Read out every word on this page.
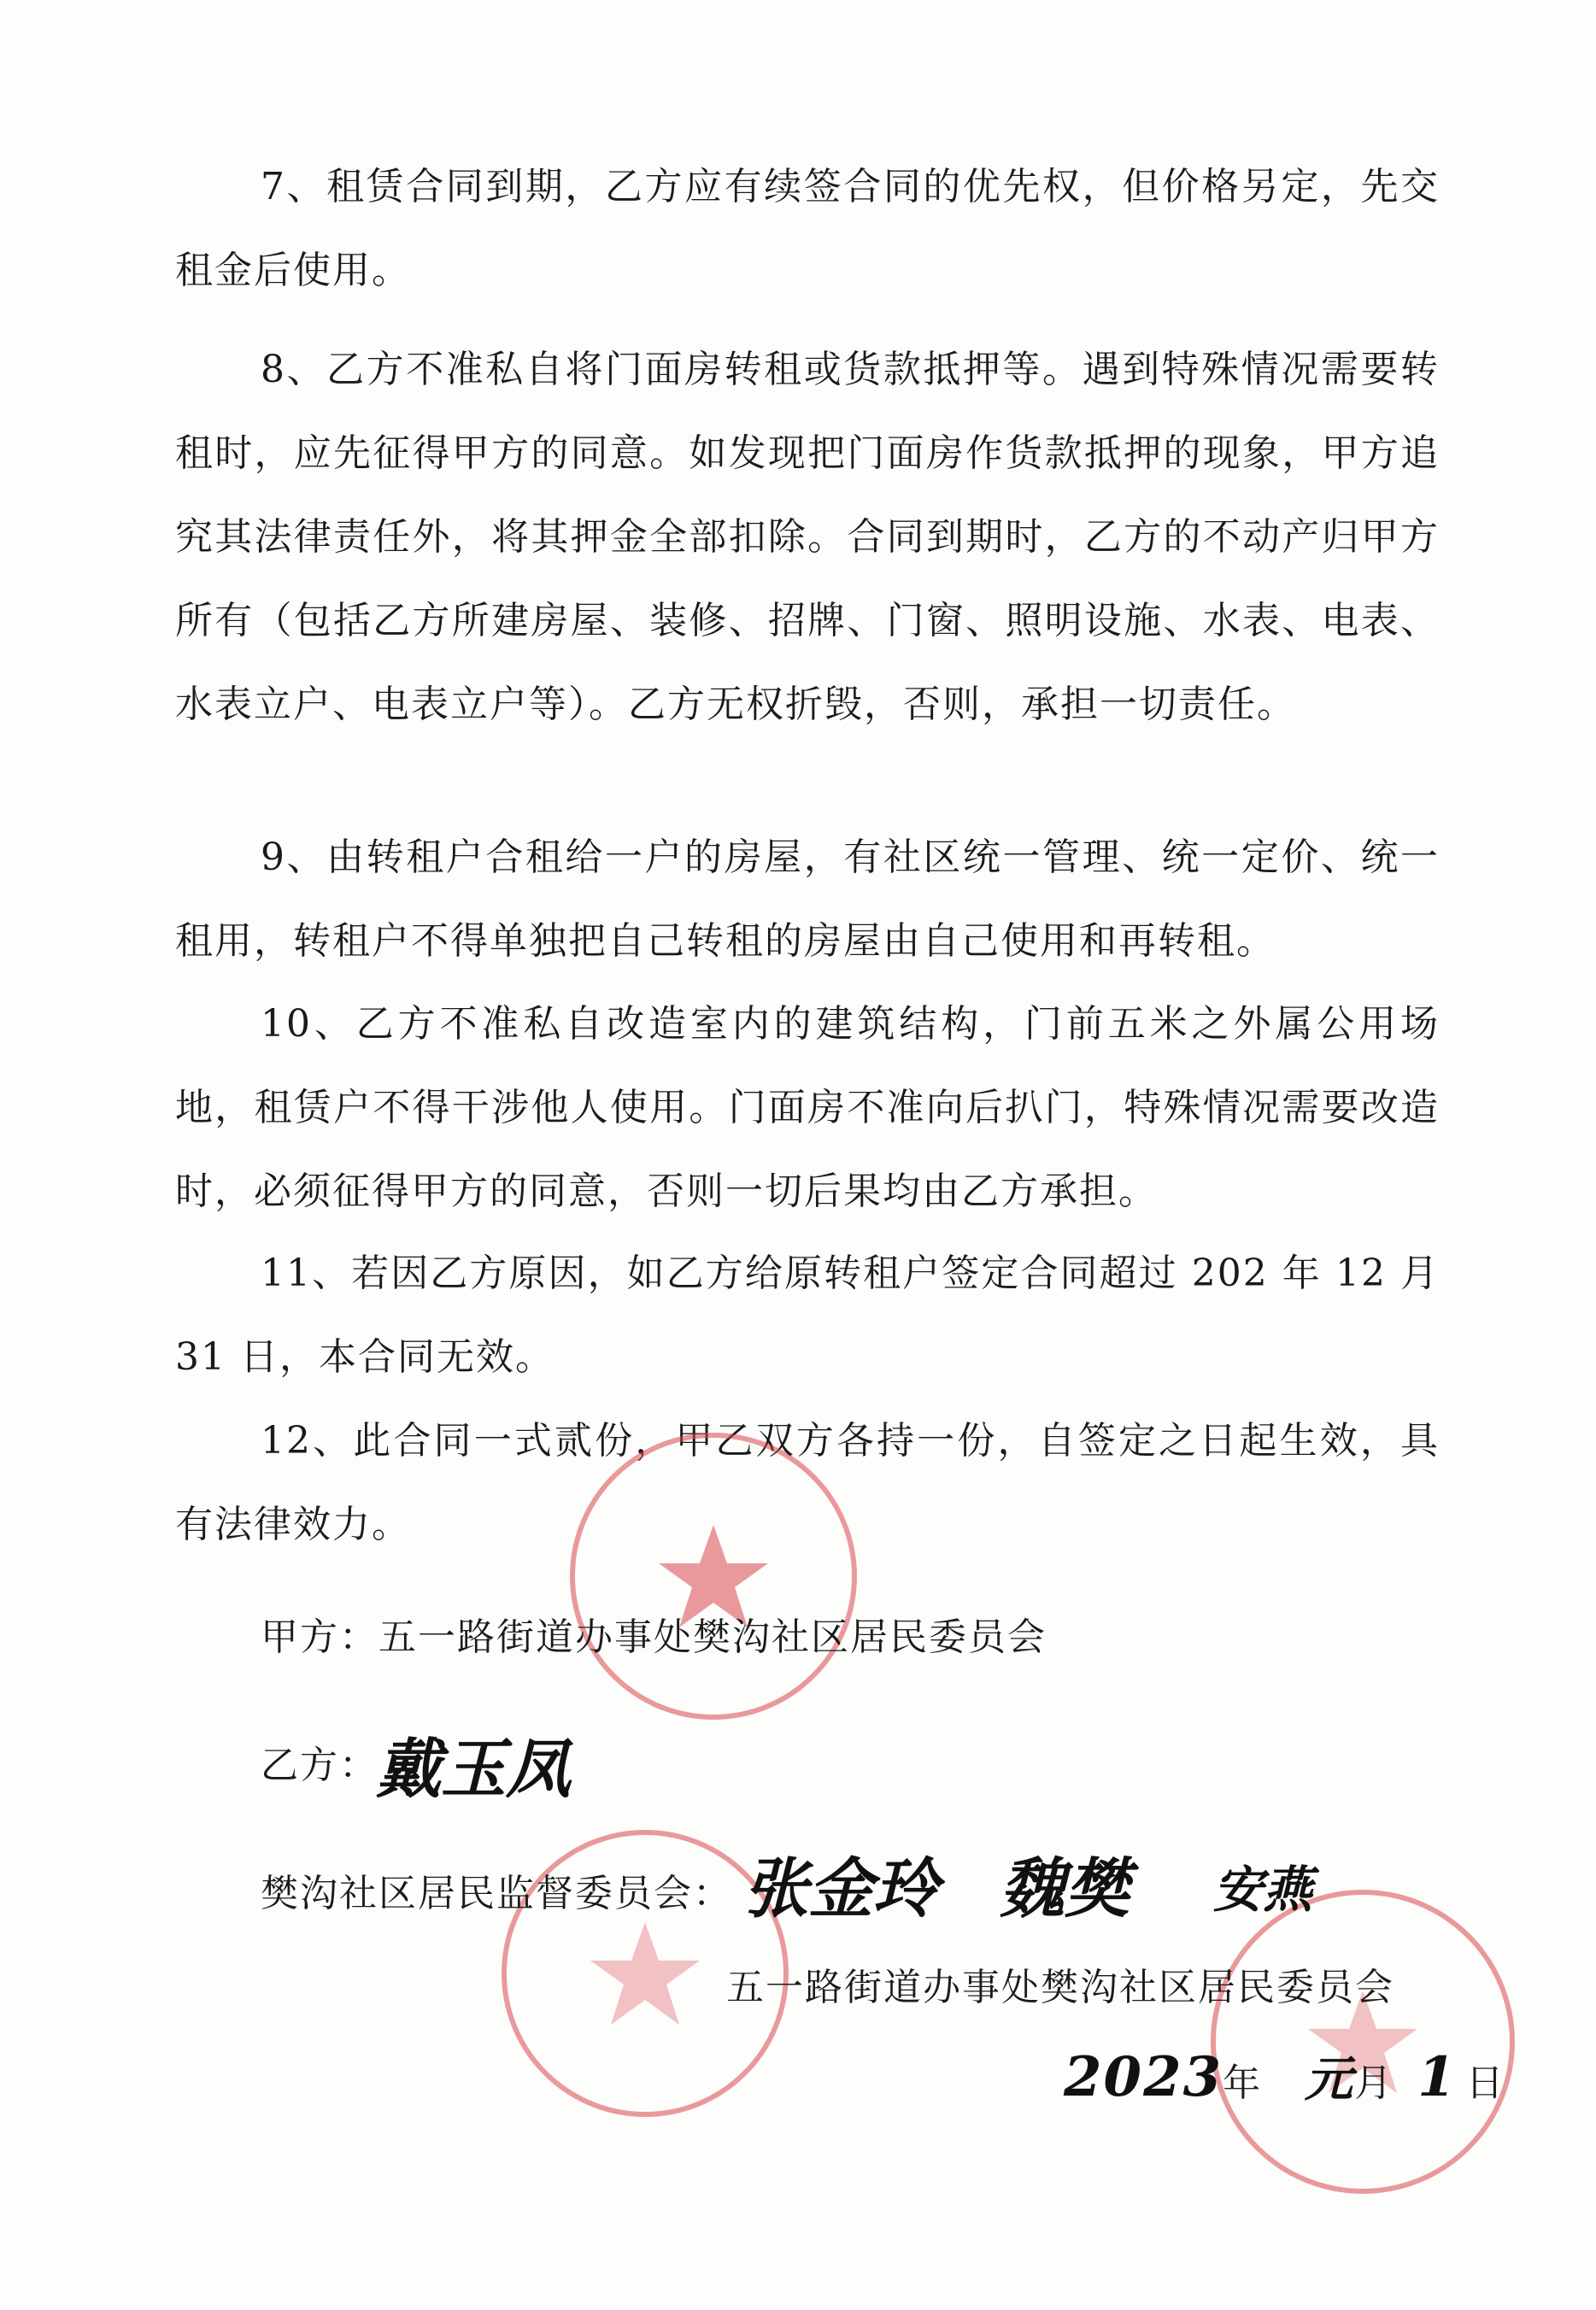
7、租赁合同到期，乙方应有续签合同的优先权，但价格另定，先交租金后使用。

8、乙方不准私自将门面房转租或货款抵押等。遇到特殊情况需要转租时，应先征得甲方的同意。如发现把门面房作货款抵押的现象，甲方追究其法律责任外，将其押金全部扣除。合同到期时，乙方的不动产归甲方所有（包括乙方所建房屋、装修、招牌、门窗、照明设施、水表、电表、水表立户、电表立户等）。乙方无权折毁，否则，承担一切责任。

9、由转租户合租给一户的房屋，有社区统一管理、统一定价、统一租用，转租户不得单独把自己转租的房屋由自己使用和再转租。

10、乙方不准私自改造室内的建筑结构，门前五米之外属公用场地，租赁户不得干涉他人使用。门面房不准向后扒门，特殊情况需要改造时，必须征得甲方的同意，否则一切后果均由乙方承担。

11、若因乙方原因，如乙方给原转租户签定合同超过 202 年 12 月 31 日，本合同无效。

12、此合同一式贰份，甲乙双方各持一份，自签定之日起生效，具有法律效力。

甲方：五一路街道办事处樊沟社区居民委员会
乙方：
戴玉凤
樊沟社区居民监督委员会： 张金玲 魏樊 安燕
五一路街道办事处樊沟社区居民委员会
2023年 元月 1 日
